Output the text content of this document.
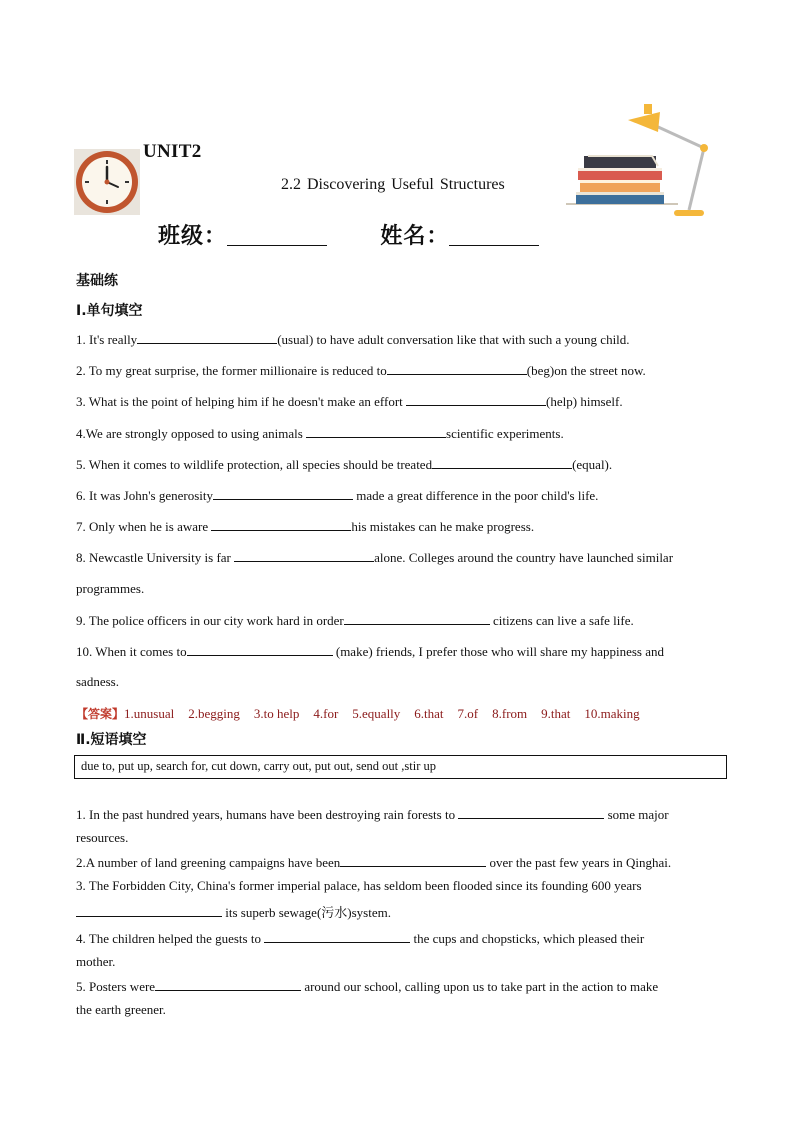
UNIT2
2.2 Discovering Useful Structures
班级：	姓名：
基础练
Ⅰ.单句填空
1. It's really	(usual) to have adult conversation like that with such a young child.
2. To my great surprise, the former millionaire is reduced to	(beg)on the street now.
3. What is the point of helping him if he doesn't make an effort	(help) himself.
4.We are strongly opposed to using animals	scientific experiments.
5. When it comes to wildlife protection, all species should be treated	(equal).
6. It was John's generosity	made a great difference in the poor child's life.
7. Only when he is aware	his mistakes can he make progress.
8. Newcastle University is far	alone. Colleges around the country have launched similar
programmes.
9. The police officers in our city work hard in order	citizens can live a safe life.
10. When it comes to	(make) friends, I prefer those who will share my happiness and
sadness.
【答案】1.unusual 2.begging 3.to help 4.for 5.equally 6.that 7.of 8.from 9.that 10.making
Ⅱ.短语填空
due to, put up, search for, cut down, carry out, put out, send out ,stir up
1. In the past hundred years, humans have been destroying rain forests to	some major
resources.
2.A number of land greening campaigns have been	over the past few years in Qinghai.
3. The Forbidden City, China's former imperial palace, has seldom been flooded since its founding 600 years
its superb sewage(污水)system.
4. The children helped the guests to	the cups and chopsticks, which pleased their
mother.
5. Posters were	around our school, calling upon us to take part in the action to make
the earth greener.
